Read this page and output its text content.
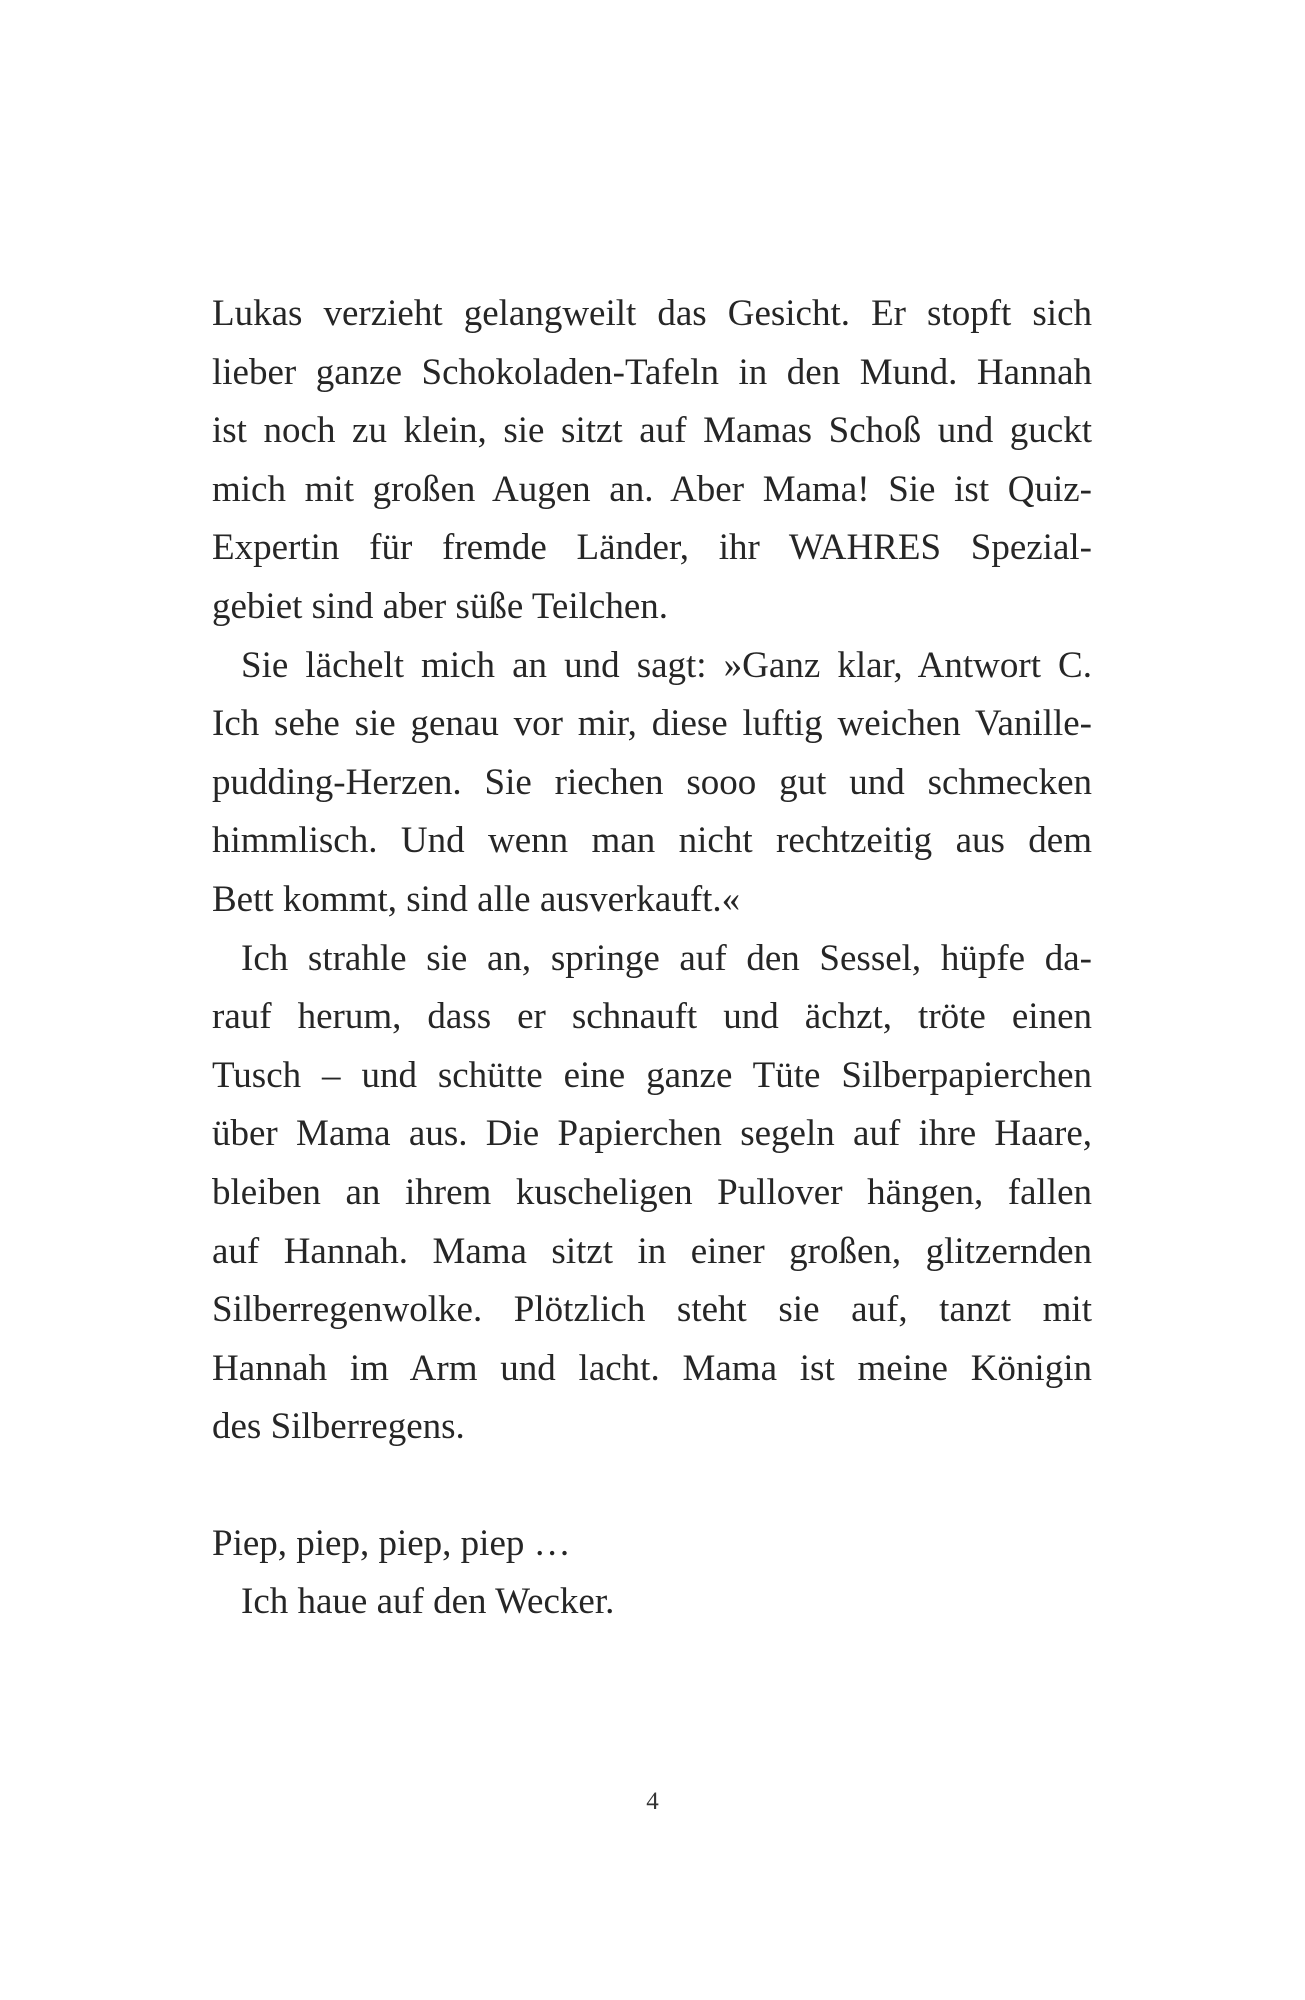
Lukas verzieht gelangweilt das Gesicht. Er stopft sich
lieber ganze Schokoladen-Tafeln in den Mund. Hannah
ist noch zu klein, sie sitzt auf Mamas Schoß und guckt
mich mit großen Augen an. Aber Mama! Sie ist Quiz-
Expertin für fremde Länder, ihr WAHRES Spezial-
gebiet sind aber süße Teilchen.

Sie lächelt mich an und sagt: »Ganz klar, Antwort C.
Ich sehe sie genau vor mir, diese luftig weichen Vanille-
pudding-Herzen. Sie riechen sooo gut und schmecken
himmlisch. Und wenn man nicht rechtzeitig aus dem
Bett kommt, sind alle ausverkauft.«

Ich strahle sie an, springe auf den Sessel, hüpfe da-
rauf herum, dass er schnauft und ächzt, tröte einen
Tusch – und schütte eine ganze Tüte Silberpapierchen
über Mama aus. Die Papierchen segeln auf ihre Haare,
bleiben an ihrem kuscheligen Pullover hängen, fallen
auf Hannah. Mama sitzt in einer großen, glitzernden
Silberregenwolke. Plötzlich steht sie auf, tanzt mit
Hannah im Arm und lacht. Mama ist meine Königin
des Silberregens.

Piep, piep, piep, piep …

Ich haue auf den Wecker.

4
